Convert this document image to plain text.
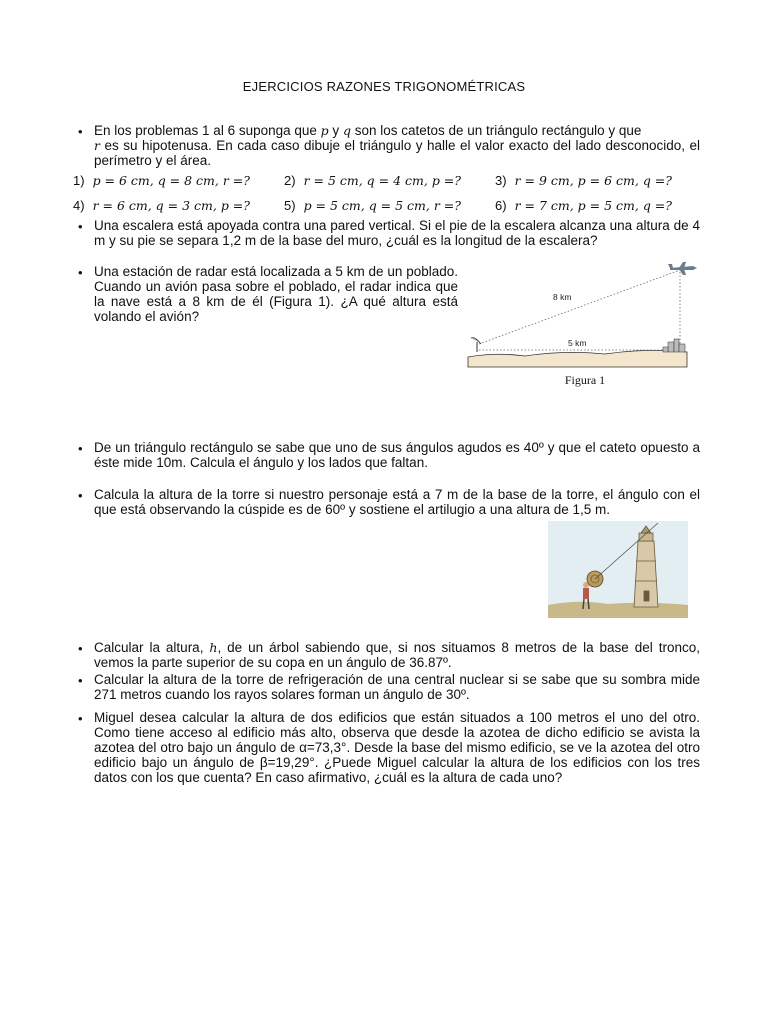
EJERCICIOS RAZONES TRIGONOMÉTRICAS
• En los problemas 1 al 6 suponga que p y q son los catetos de un triángulo rectángulo y que
r es su hipotenusa. En cada caso dibuje el triángulo y halle el valor exacto del lado desconocido, el perímetro y el área.
1) p = 6 cm, q = 8 cm, r =?	2) r = 5 cm, q = 4 cm, p =?	3) r = 9 cm, p = 6 cm, q =?
4) r = 6 cm, q = 3 cm, p =?	5) p = 5 cm, q = 5 cm, r =?	6) r = 7 cm, p = 5 cm, q =?
• Una escalera está apoyada contra una pared vertical. Si el pie de la escalera alcanza una altura de 4 m y su pie se separa 1,2 m de la base del muro, ¿cuál es la longitud de la escalera?
• Una estación de radar está localizada a 5 km de un poblado. Cuando un avión pasa sobre el poblado, el radar indica que la nave está a 8 km de él (Figura 1). ¿A qué altura está volando el avión?
8 km
5 km
Figura 1
• De un triángulo rectángulo se sabe que uno de sus ángulos agudos es 40º y que el cateto opuesto a éste mide 10m. Calcula el ángulo y los lados que faltan.
• Calcula la altura de la torre si nuestro personaje está a 7 m de la base de la torre, el ángulo con el que está observando la cúspide es de 60º y sostiene el artilugio a una altura de 1,5 m.
• Calcular la altura, h, de un árbol sabiendo que, si nos situamos 8 metros de la base del tronco, vemos la parte superior de su copa en un ángulo de 36.87º.
• Calcular la altura de la torre de refrigeración de una central nuclear si se sabe que su sombra mide 271 metros cuando los rayos solares forman un ángulo de 30º.
• Miguel desea calcular la altura de dos edificios que están situados a 100 metros el uno del otro. Como tiene acceso al edificio más alto, observa que desde la azotea de dicho edificio se avista la azotea del otro bajo un ángulo de α=73,3°. Desde la base del mismo edificio, se ve la azotea del otro edificio bajo un ángulo de β=19,29°. ¿Puede Miguel calcular la altura de los edificios con los tres datos con los que cuenta? En caso afirmativo, ¿cuál es la altura de cada uno?
